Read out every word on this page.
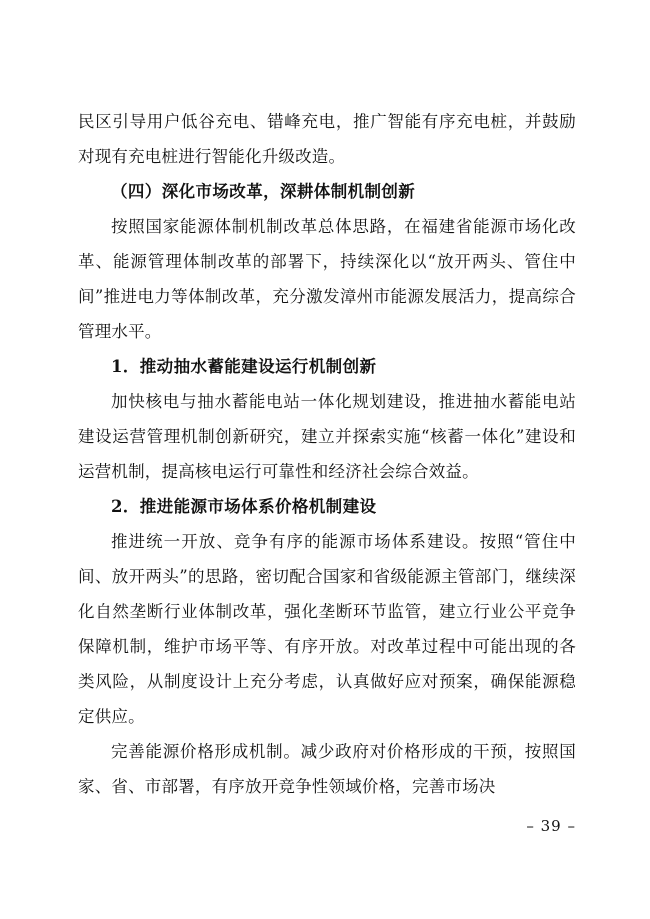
民区引导用户低谷充电、错峰充电，推广智能有序充电桩，并鼓励对现有充电桩进行智能化升级改造。

（四）深化市场改革，深耕体制机制创新

按照国家能源体制机制改革总体思路，在福建省能源市场化改革、能源管理体制改革的部署下，持续深化以“放开两头、管住中间”推进电力等体制改革，充分激发漳州市能源发展活力，提高综合管理水平。

1．推动抽水蓄能建设运行机制创新

加快核电与抽水蓄能电站一体化规划建设，推进抽水蓄能电站建设运营管理机制创新研究，建立并探索实施“核蓄一体化”建设和运营机制，提高核电运行可靠性和经济社会综合效益。

2．推进能源市场体系价格机制建设

推进统一开放、竞争有序的能源市场体系建设。按照“管住中间、放开两头”的思路，密切配合国家和省级能源主管部门，继续深化自然垄断行业体制改革，强化垄断环节监管，建立行业公平竞争保障机制，维护市场平等、有序开放。对改革过程中可能出现的各类风险，从制度设计上充分考虑，认真做好应对预案，确保能源稳定供应。

完善能源价格形成机制。减少政府对价格形成的干预，按照国家、省、市部署，有序放开竞争性领域价格，完善市场决

– 39 –
